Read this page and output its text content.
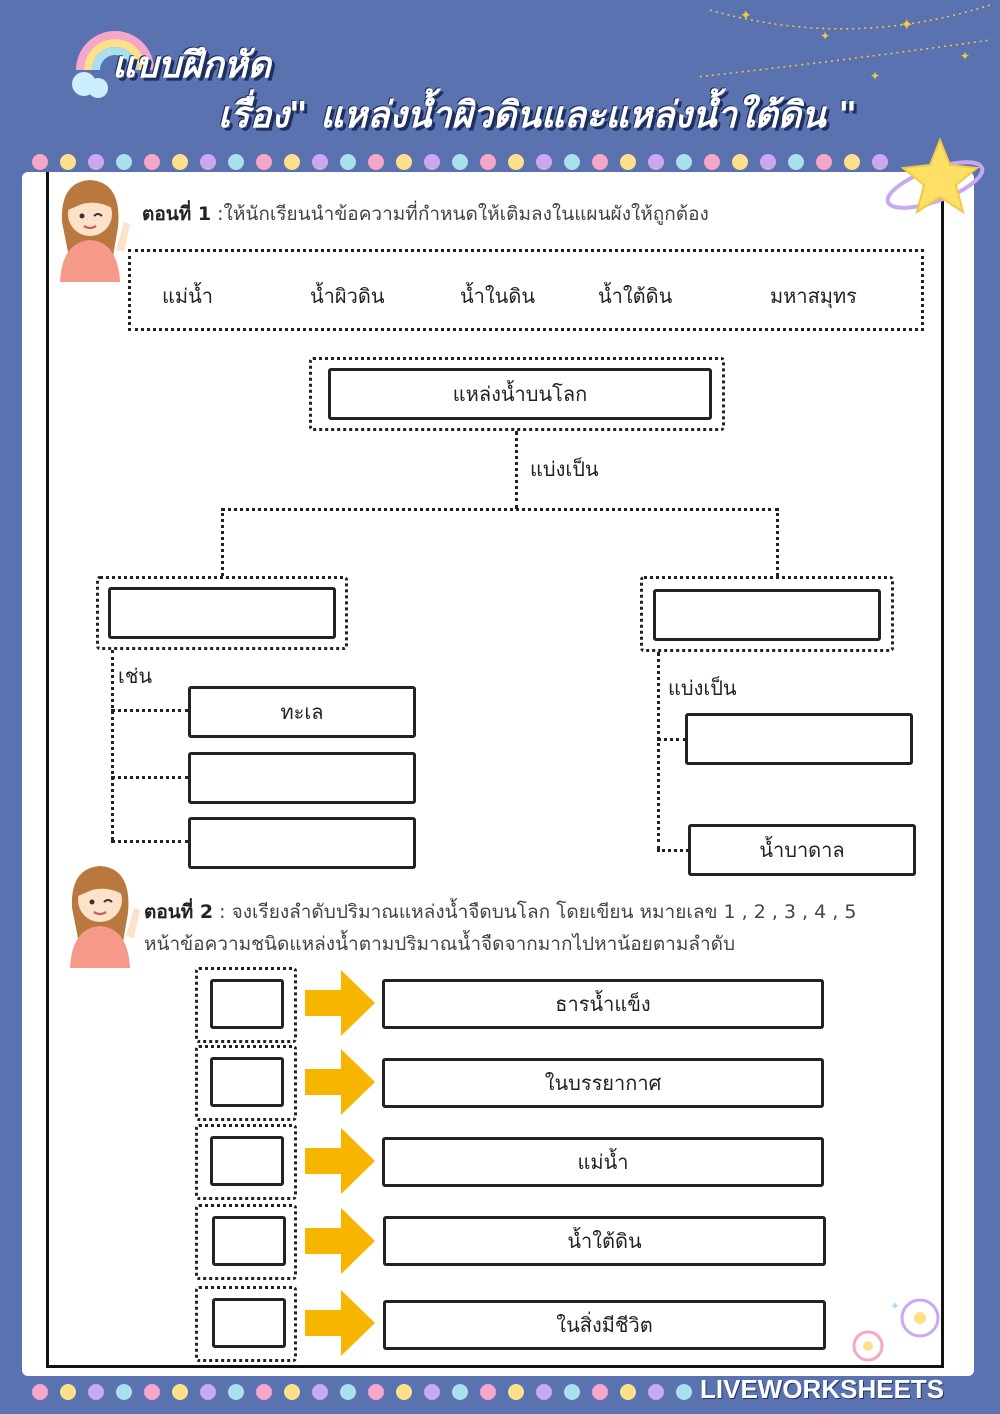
แบบฝึกหัด
เรื่อง" แหล่งน้ำผิวดินและแหล่งน้ำใต้ดิน "
✦
✦
✦
✦
✦
ตอนที่ 1 :ให้นักเรียนนำข้อความที่กำหนดให้เติมลงในแผนผังให้ถูกต้อง
แม่น้ำ	น้ำผิวดิน	น้ำในดิน	น้ำใต้ดิน	มหาสมุทร
แหล่งน้ำบนโลก
แบ่งเป็น
เช่น
ทะเล
แบ่งเป็น
น้ำบาดาล
ตอนที่ 2 : จงเรียงลำดับปริมาณแหล่งน้ำจืดบนโลก โดยเขียน หมายเลข 1 , 2 , 3 , 4 , 5
หน้าข้อความชนิดแหล่งน้ำตามปริมาณน้ำจืดจากมากไปหาน้อยตามลำดับ
ธารน้ำแข็ง
ในบรรยากาศ
แม่น้ำ
น้ำใต้ดิน
ในสิ่งมีชีวิต
✦
LIVEWORKSHEETS
